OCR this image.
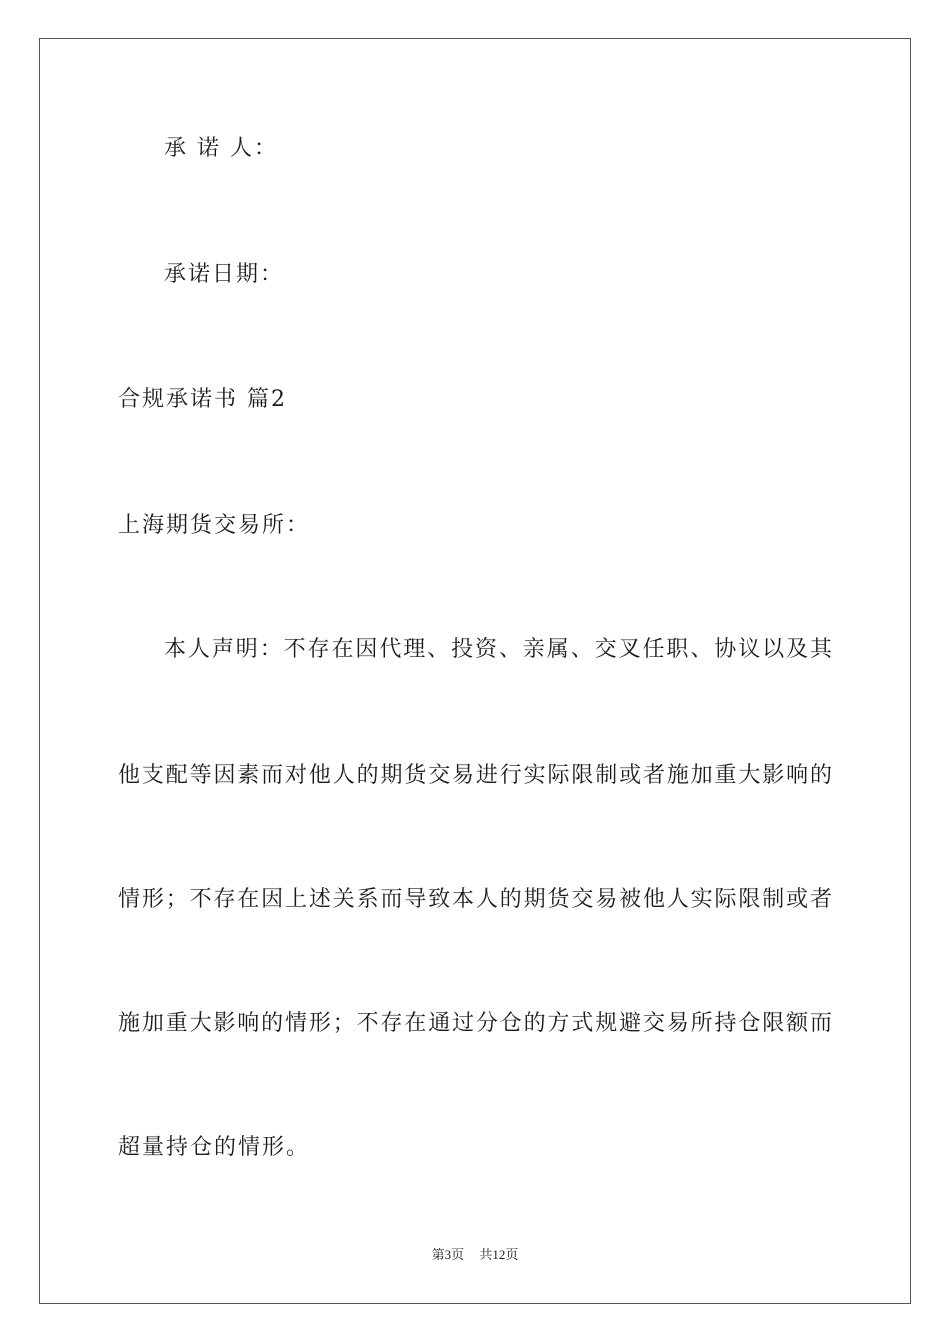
承 诺 人：
承诺日期：
合规承诺书 篇2
上海期货交易所：
本人声明：不存在因代理、投资、亲属、交叉任职、协议以及其
他支配等因素而对他人的期货交易进行实际限制或者施加重大影响的
情形；不存在因上述关系而导致本人的期货交易被他人实际限制或者
施加重大影响的情形；不存在通过分仓的方式规避交易所持仓限额而
超量持仓的情形。
第3页 共12页
